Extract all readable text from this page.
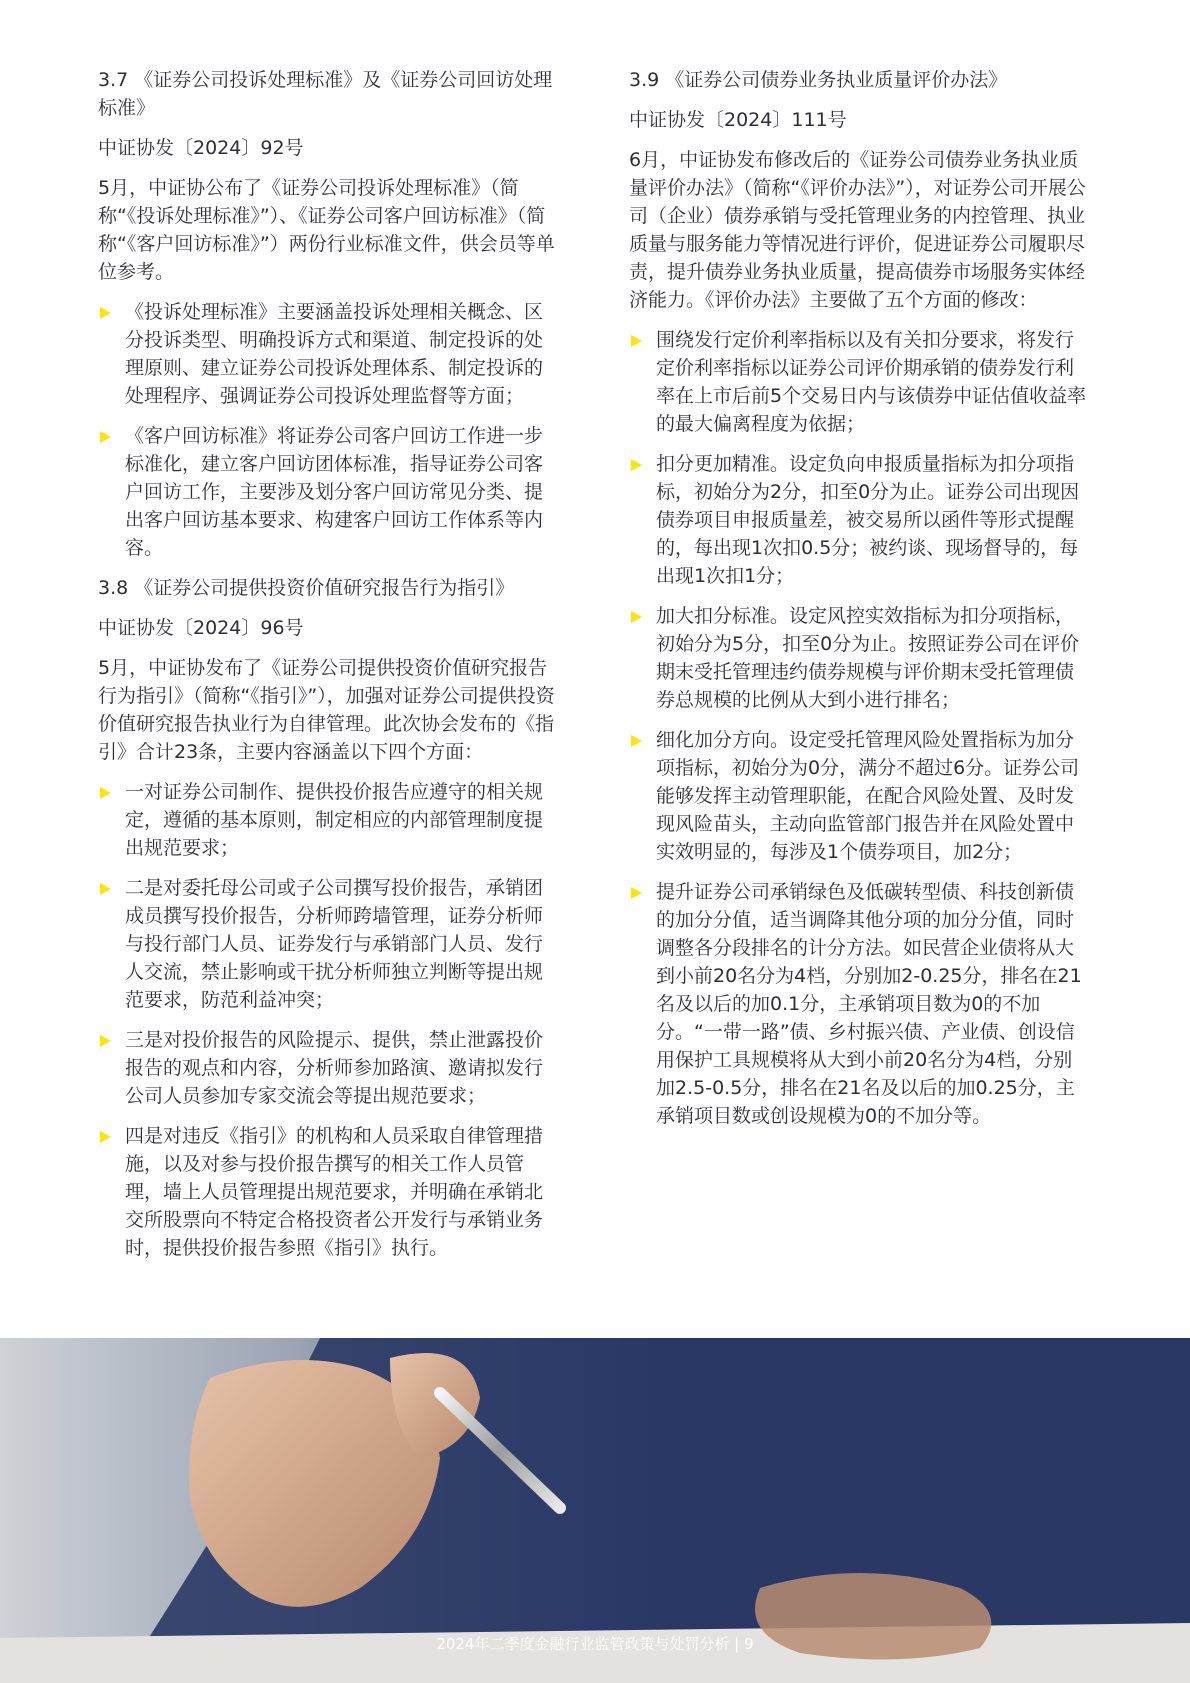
3.7 《证券公司投诉处理标准》及《证券公司回访处理标准》

中证协发〔2024〕92号

5月，中证协公布了《证券公司投诉处理标准》（简称“《投诉处理标准》”）、《证券公司客户回访标准》（简称“《客户回访标准》”）两份行业标准文件，供会员等单位参考。

《投诉处理标准》主要涵盖投诉处理相关概念、区分投诉类型、明确投诉方式和渠道、制定投诉的处理原则、建立证券公司投诉处理体系、制定投诉的处理程序、强调证券公司投诉处理监督等方面；
《客户回访标准》将证券公司客户回访工作进一步标准化，建立客户回访团体标准，指导证券公司客户回访工作，主要涉及划分客户回访常见分类、提出客户回访基本要求、构建客户回访工作体系等内容。

3.8 《证券公司提供投资价值研究报告行为指引》

中证协发〔2024〕96号

5月，中证协发布了《证券公司提供投资价值研究报告行为指引》（简称“《指引》”），加强对证券公司提供投资价值研究报告执业行为自律管理。此次协会发布的《指引》合计23条，主要内容涵盖以下四个方面：

一对证券公司制作、提供投价报告应遵守的相关规定，遵循的基本原则，制定相应的内部管理制度提出规范要求；
二是对委托母公司或子公司撰写投价报告，承销团成员撰写投价报告，分析师跨墙管理，证券分析师与投行部门人员、证券发行与承销部门人员、发行人交流，禁止影响或干扰分析师独立判断等提出规范要求，防范利益冲突；
三是对投价报告的风险提示、提供，禁止泄露投价报告的观点和内容，分析师参加路演、邀请拟发行公司人员参加专家交流会等提出规范要求；
四是对违反《指引》的机构和人员采取自律管理措施，以及对参与投价报告撰写的相关工作人员管理，墙上人员管理提出规范要求，并明确在承销北交所股票向不特定合格投资者公开发行与承销业务时，提供投价报告参照《指引》执行。

3.9 《证券公司债券业务执业质量评价办法》

中证协发〔2024〕111号

6月，中证协发布修改后的《证券公司债券业务执业质量评价办法》（简称“《评价办法》”），对证券公司开展公司（企业）债券承销与受托管理业务的内控管理、执业质量与服务能力等情况进行评价，促进证券公司履职尽责，提升债券业务执业质量，提高债券市场服务实体经济能力。《评价办法》主要做了五个方面的修改：

围绕发行定价利率指标以及有关扣分要求，将发行定价利率指标以证券公司评价期承销的债券发行利率在上市后前5个交易日内与该债券中证估值收益率的最大偏离程度为依据；
扣分更加精准。设定负向申报质量指标为扣分项指标，初始分为2分，扣至0分为止。证券公司出现因债券项目申报质量差，被交易所以函件等形式提醒的，每出现1次扣0.5分；被约谈、现场督导的，每出现1次扣1分；
加大扣分标准。设定风控实效指标为扣分项指标，初始分为5分，扣至0分为止。按照证券公司在评价期末受托管理违约债券规模与评价期末受托管理债券总规模的比例从大到小进行排名；
细化加分方向。设定受托管理风险处置指标为加分项指标，初始分为0分，满分不超过6分。证券公司能够发挥主动管理职能，在配合风险处置、及时发现风险苗头，主动向监管部门报告并在风险处置中实效明显的，每涉及1个债券项目，加2分；
提升证券公司承销绿色及低碳转型债、科技创新债的加分分值，适当调降其他分项的加分分值，同时调整各分段排名的计分方法。如民营企业债将从大到小前20名分为4档，分别加2-0.25分，排名在21名及以后的加0.1分，主承销项目数为0的不加分。“一带一路”债、乡村振兴债、产业债、创设信用保护工具规模将从大到小前20名分为4档，分别加2.5-0.5分，排名在21名及以后的加0.25分，主承销项目数或创设规模为0的不加分等。
2024年二季度金融行业监管政策与处罚分析 | 9
